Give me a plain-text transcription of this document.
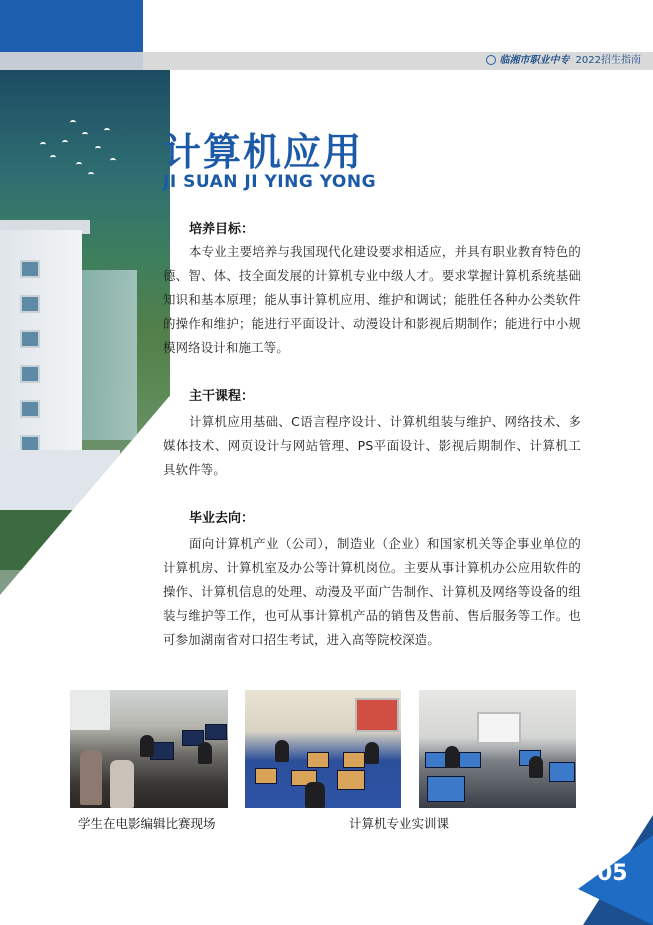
临湘市职业中专 2022招生指南
计算机应用
JI SUAN JI YING YONG
培养目标：
本专业主要培养与我国现代化建设要求相适应，并具有职业教育特色的德、智、体、技全面发展的计算机专业中级人才。要求掌握计算机系统基础知识和基本原理；能从事计算机应用、维护和调试；能胜任各种办公类软件的操作和维护；能进行平面设计、动漫设计和影视后期制作；能进行中小规模网络设计和施工等。
主干课程：
计算机应用基础、C语言程序设计、计算机组装与维护、网络技术、多媒体技术、网页设计与网站管理、PS平面设计、影视后期制作、计算机工具软件等。
毕业去向：
面向计算机产业（公司），制造业（企业）和国家机关等企事业单位的计算机房、计算机室及办公等计算机岗位。主要从事计算机办公应用软件的操作、计算机信息的处理、动漫及平面广告制作、计算机及网络等设备的组装与维护等工作，也可从事计算机产品的销售及售前、售后服务等工作。也可参加湖南省对口招生考试，进入高等院校深造。
学生在电影编辑比赛现场	计算机专业实训课
05
